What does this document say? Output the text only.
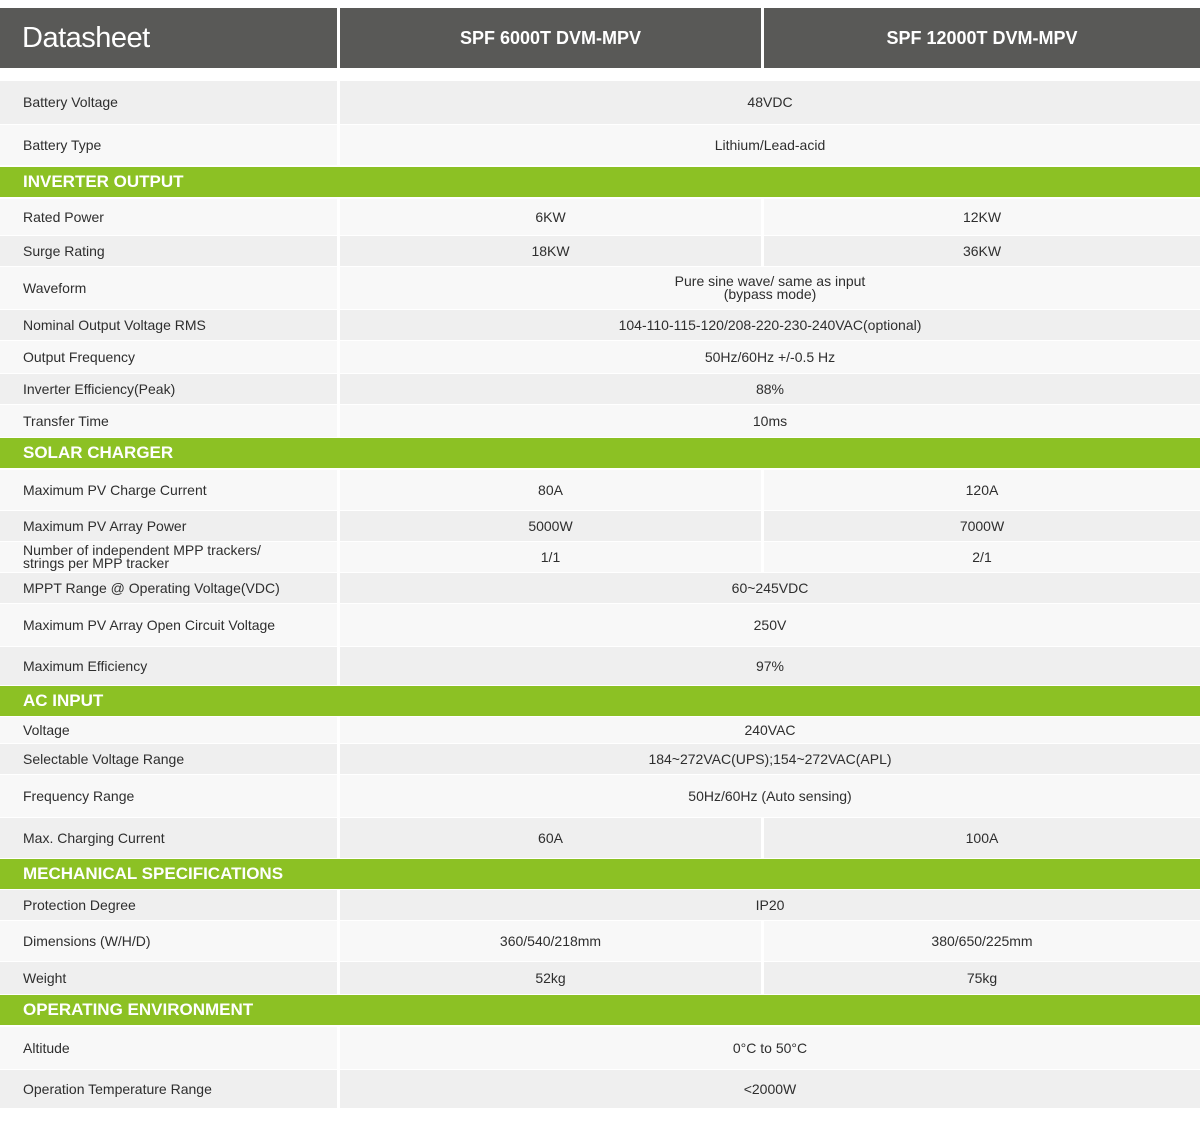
Datasheet	SPF 6000T DVM-MPV	SPF 12000T DVM-MPV
Battery Voltage	48VDC
Battery Type	Lithium/Lead-acid
INVERTER OUTPUT
Rated Power	6KW	12KW
Surge Rating	18KW	36KW
Waveform	Pure sine wave/ same as input
(bypass mode)
Nominal Output Voltage RMS	104-110-115-120/208-220-230-240VAC(optional)
Output Frequency	50Hz/60Hz +/-0.5 Hz
Inverter Efficiency(Peak)	88%
Transfer Time	10ms
SOLAR CHARGER
Maximum PV Charge Current	80A	120A
Maximum PV Array Power	5000W	7000W
Number of independent MPP trackers/
strings per MPP tracker	1/1	2/1
MPPT Range @ Operating Voltage(VDC)	60~245VDC
Maximum PV Array Open Circuit Voltage	250V
Maximum Efficiency	97%
AC INPUT
Voltage	240VAC
Selectable Voltage Range	184~272VAC(UPS);154~272VAC(APL)
Frequency Range	50Hz/60Hz (Auto sensing)
Max. Charging Current	60A	100A
MECHANICAL SPECIFICATIONS
Protection Degree	IP20
Dimensions (W/H/D)	360/540/218mm	380/650/225mm
Weight	52kg	75kg
OPERATING ENVIRONMENT
Altitude	0°C to 50°C
Operation Temperature Range	<2000W
